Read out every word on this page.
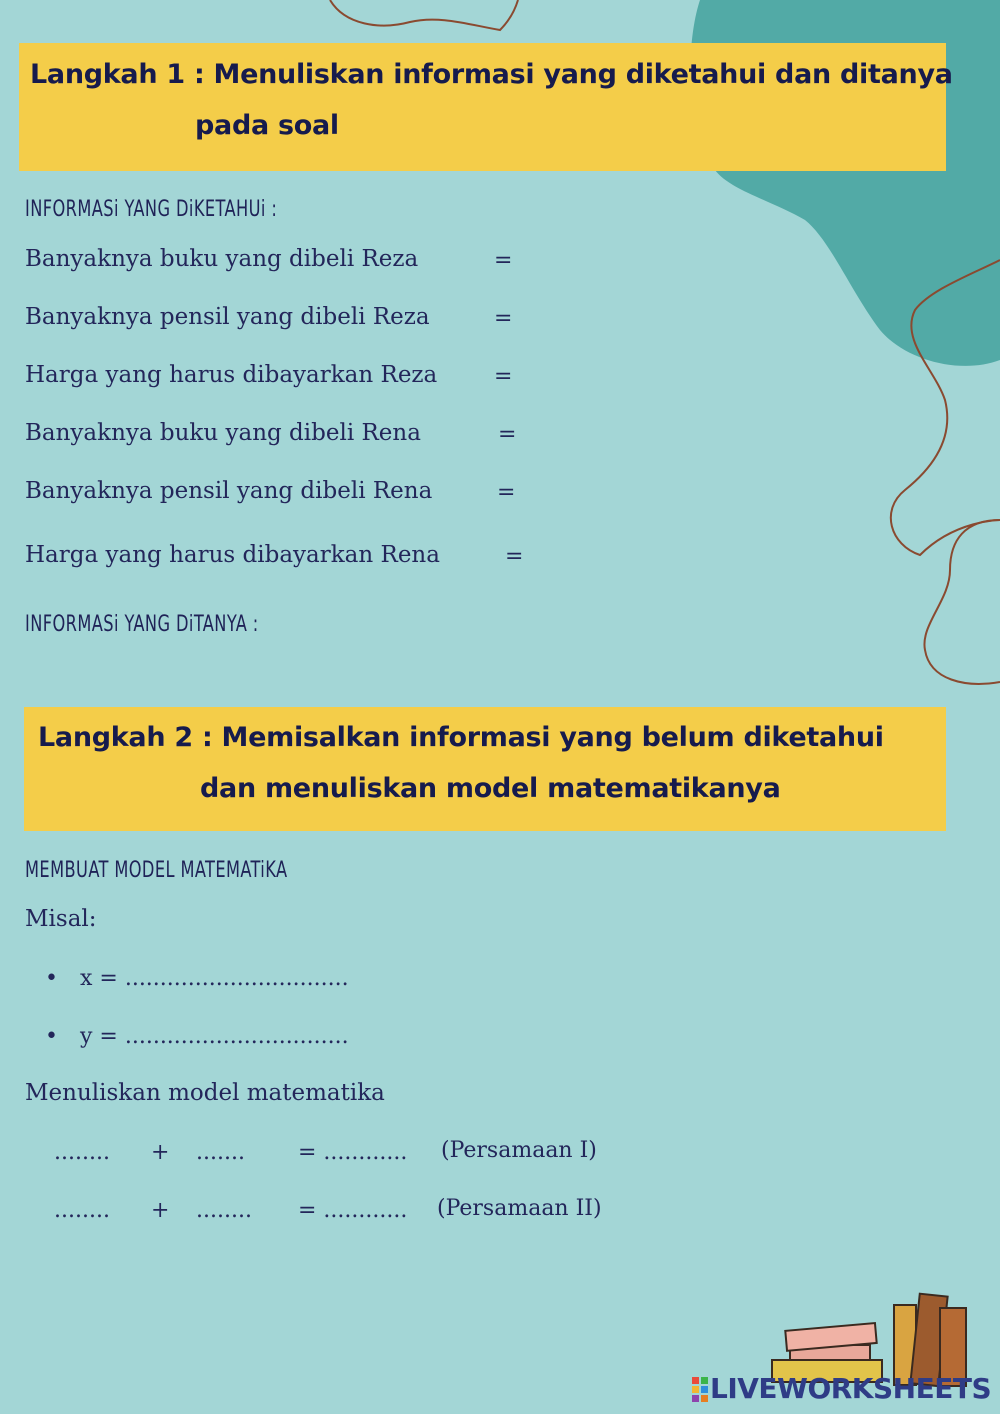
Langkah 1 : Menuliskan informasi yang diketahui dan ditanya
pada soal
INFORMASi YANG DiKETAHUi :
Banyaknya buku yang dibeli Reza	=
Banyaknya pensil yang dibeli Reza	=
Harga yang harus dibayarkan Reza	=
Banyaknya buku yang dibeli Rena	=
Banyaknya pensil yang dibeli Rena	=
Harga yang harus dibayarkan Rena	=
INFORMASi YANG DiTANYA :
Langkah 2 : Memisalkan informasi yang belum diketahui
dan menuliskan model matematikanya
MEMBUAT MODEL MATEMATiKA
Misal:
• x = ................................
• y = ................................
Menuliskan model matematika
........ + ....... = ............ (Persamaan I)
........ + ........ = ............ (Persamaan II)
LIVEWORKSHEETS
